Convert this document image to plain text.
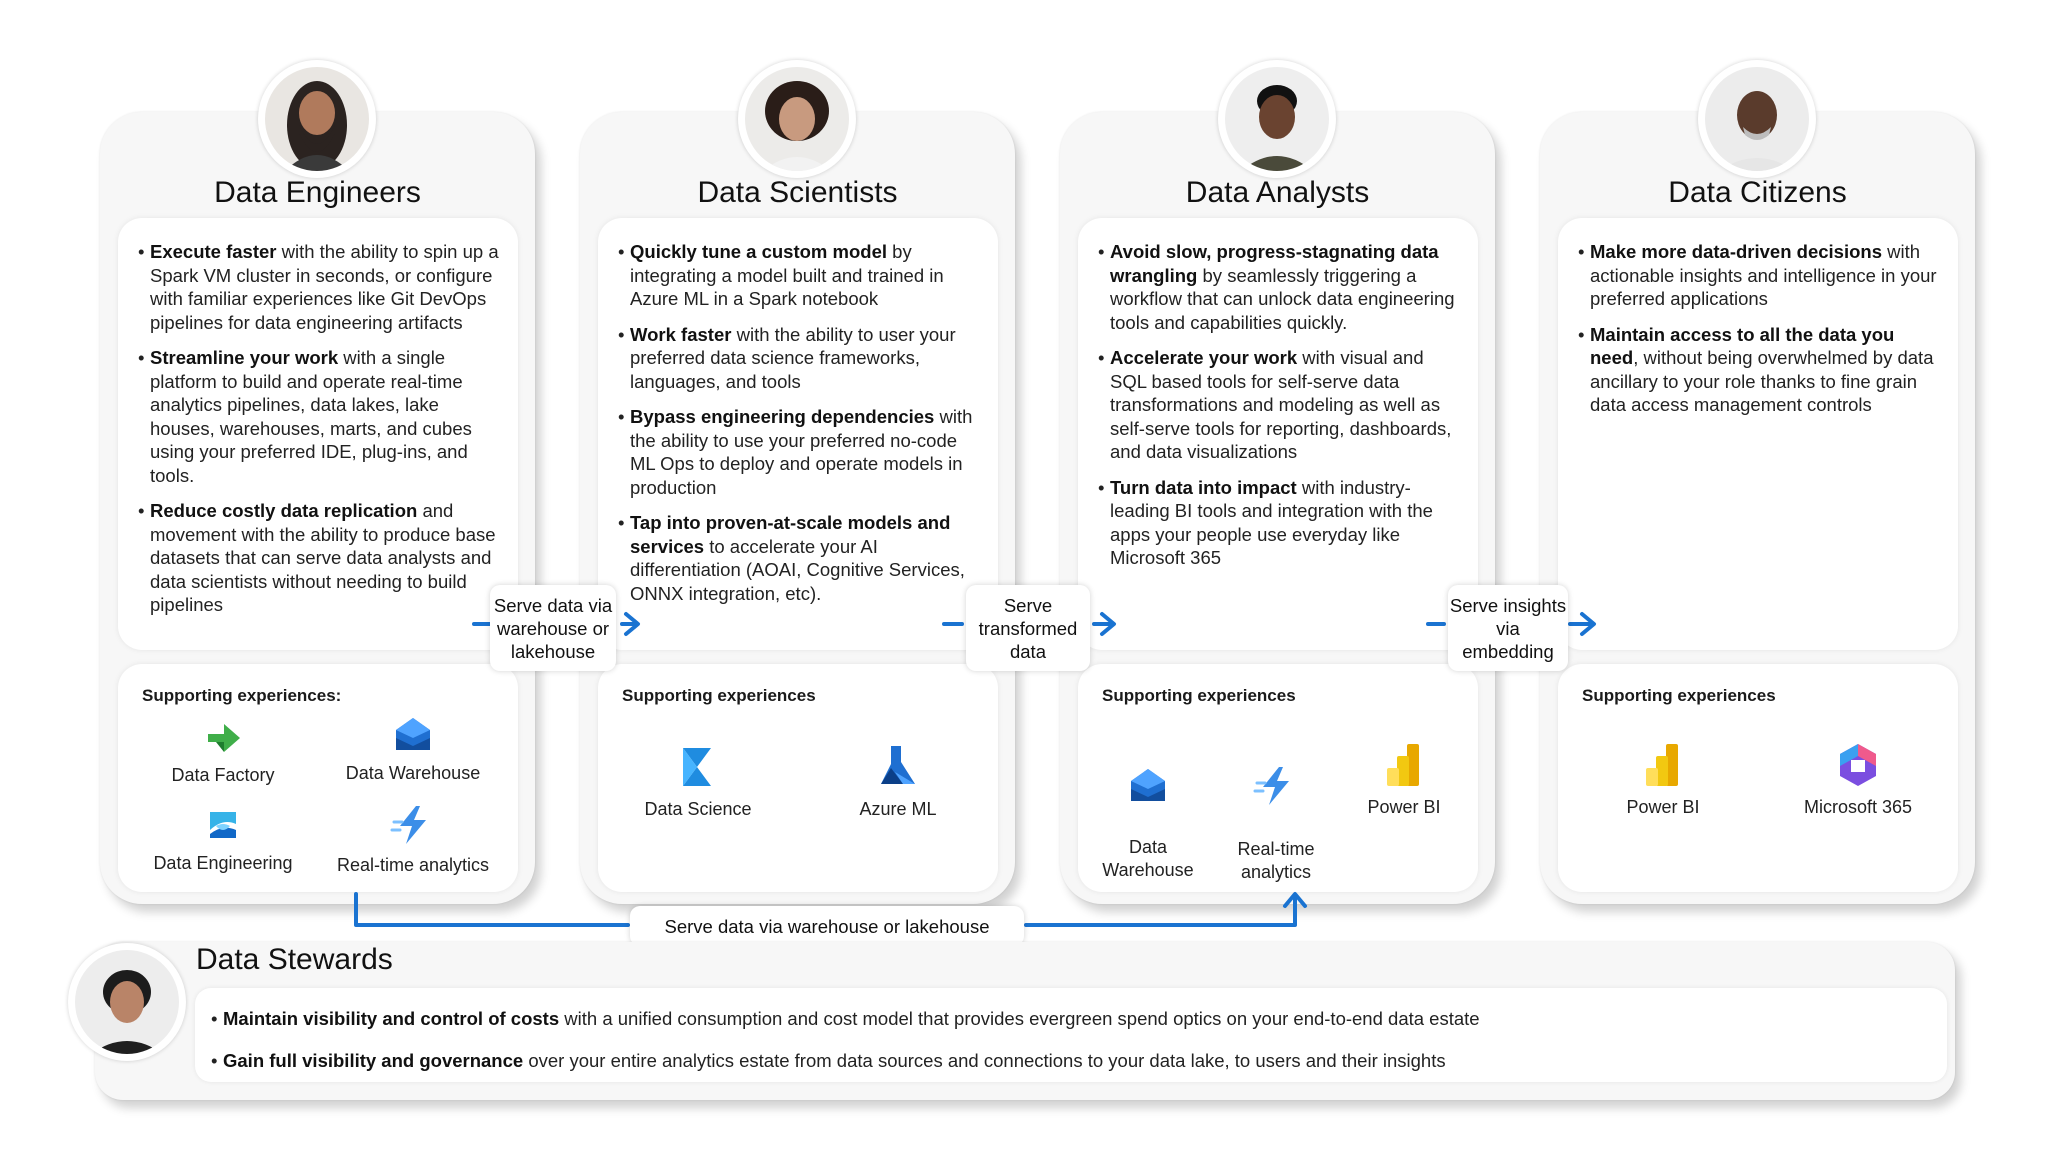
Data Engineers
• Execute faster with the ability to spin up a Spark VM cluster in seconds, or configure with familiar experiences like Git DevOps pipelines for data engineering artifacts
• Streamline your work with a single platform to build and operate real-time analytics pipelines, data lakes, lake houses, warehouses, marts, and cubes using your preferred IDE, plug-ins, and tools.
• Reduce costly data replication and movement with the ability to produce base datasets that can serve data analysts and data scientists without needing to build pipelines
Supporting experiences:
Data Factory	Data Warehouse
Data Engineering	Real-time analytics
Data Scientists
• Quickly tune a custom model by integrating a model built and trained in Azure ML in a Spark notebook
• Work faster with the ability to user your preferred data science frameworks, languages, and tools
• Bypass engineering dependencies with the ability to use your preferred no-code ML Ops to deploy and operate models in production
• Tap into proven-at-scale models and services to accelerate your AI differentiation (AOAI, Cognitive Services, ONNX integration, etc).
Supporting experiences
Data Science	Azure ML
Data Analysts
• Avoid slow, progress-stagnating data wrangling by seamlessly triggering a workflow that can unlock data engineering tools and capabilities quickly.
• Accelerate your work with visual and SQL based tools for self-serve data transformations and modeling as well as self-serve tools for reporting, dashboards, and data visualizations
• Turn data into impact with industry-leading BI tools and integration with the apps your people use everyday like Microsoft 365
Supporting experiences

Data
Warehouse

Real-time
analytics

Power BI
Data Citizens
• Make more data-driven decisions with actionable insights and intelligence in your preferred applications
• Maintain access to all the data you need, without being overwhelmed by data ancillary to your role thanks to fine grain data access management controls
Supporting experiences
Power BI	Microsoft 365
Serve data via warehouse or lakehouse
Serve transformed data
Serve insights via embedding
Serve data via warehouse or lakehouse
Data Stewards
• Maintain visibility and control of costs with a unified consumption and cost model that provides evergreen spend optics on your end-to-end data estate
• Gain full visibility and governance over your entire analytics estate from data sources and connections to your data lake, to users and their insights
